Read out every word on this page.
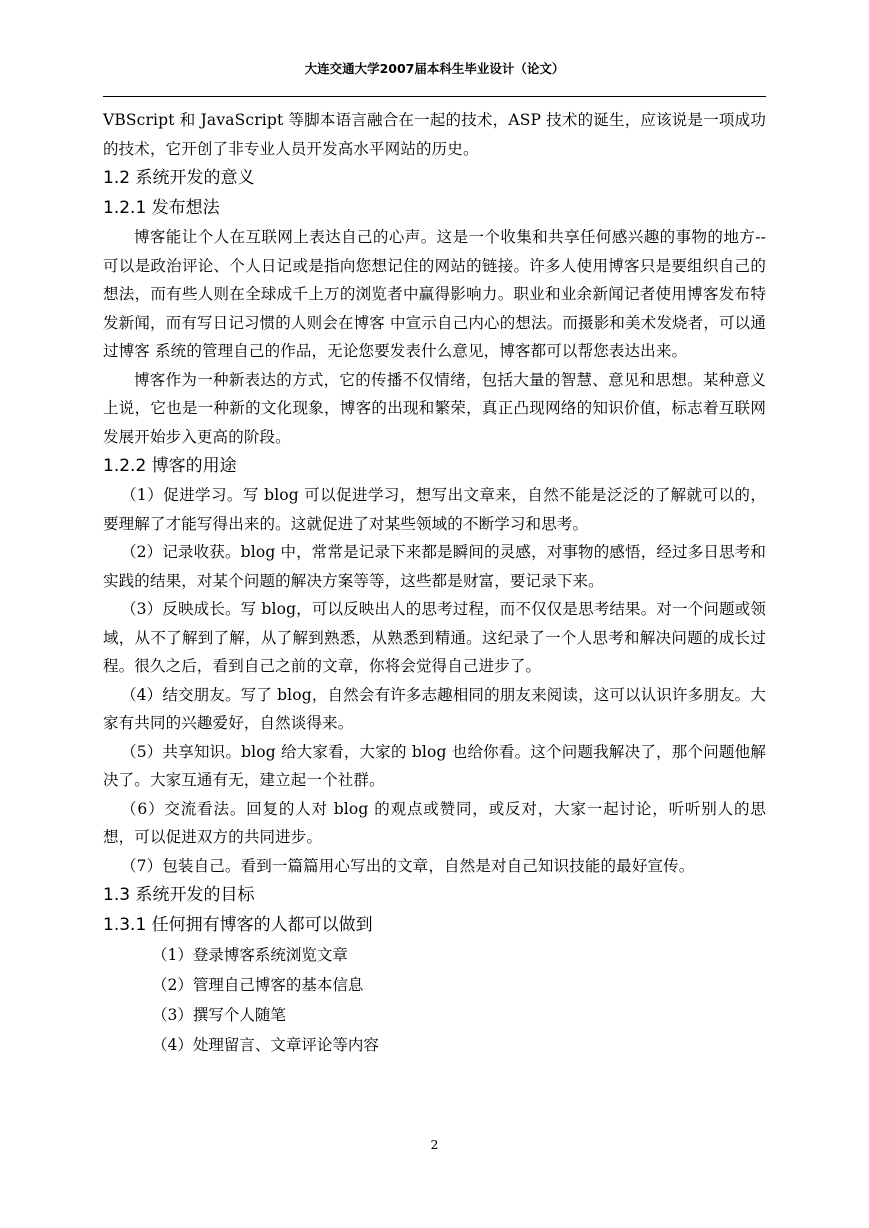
大连交通大学2007届本科生毕业设计（论文）

VBScript 和 JavaScript 等脚本语言融合在一起的技术，ASP 技术的诞生，应该说是一项成功的技术，它开创了非专业人员开发高水平网站的历史。

1.2 系统开发的意义
1.2.1 发布想法

博客能让个人在互联网上表达自己的心声。这是一个收集和共享任何感兴趣的事物的地方--可以是政治评论、个人日记或是指向您想记住的网站的链接。许多人使用博客只是要组织自己的想法，而有些人则在全球成千上万的浏览者中赢得影响力。职业和业余新闻记者使用博客发布特发新闻，而有写日记习惯的人则会在博客 中宣示自己内心的想法。而摄影和美术发烧者，可以通过博客 系统的管理自己的作品，无论您要发表什么意见，博客都可以帮您表达出来。

博客作为一种新表达的方式，它的传播不仅情绪，包括大量的智慧、意见和思想。某种意义上说，它也是一种新的文化现象，博客的出现和繁荣，真正凸现网络的知识价值，标志着互联网发展开始步入更高的阶段。

1.2.2 博客的用途

（1）促进学习。写 blog 可以促进学习，想写出文章来，自然不能是泛泛的了解就可以的，要理解了才能写得出来的。这就促进了对某些领域的不断学习和思考。

（2）记录收获。blog 中，常常是记录下来都是瞬间的灵感，对事物的感悟，经过多日思考和实践的结果，对某个问题的解决方案等等，这些都是财富，要记录下来。

（3）反映成长。写 blog，可以反映出人的思考过程，而不仅仅是思考结果。对一个问题或领域，从不了解到了解，从了解到熟悉，从熟悉到精通。这纪录了一个人思考和解决问题的成长过程。很久之后，看到自己之前的文章，你将会觉得自己进步了。

（4）结交朋友。写了 blog，自然会有许多志趣相同的朋友来阅读，这可以认识许多朋友。大家有共同的兴趣爱好，自然谈得来。

（5）共享知识。blog 给大家看，大家的 blog 也给你看。这个问题我解决了，那个问题他解决了。大家互通有无，建立起一个社群。

（6）交流看法。回复的人对 blog 的观点或赞同，或反对，大家一起讨论，听听别人的思想，可以促进双方的共同进步。

（7）包装自己。看到一篇篇用心写出的文章，自然是对自己知识技能的最好宣传。

1.3 系统开发的目标
1.3.1 任何拥有博客的人都可以做到
（1）登录博客系统浏览文章
（2）管理自己博客的基本信息
（3）撰写个人随笔
（4）处理留言、文章评论等内容
2
